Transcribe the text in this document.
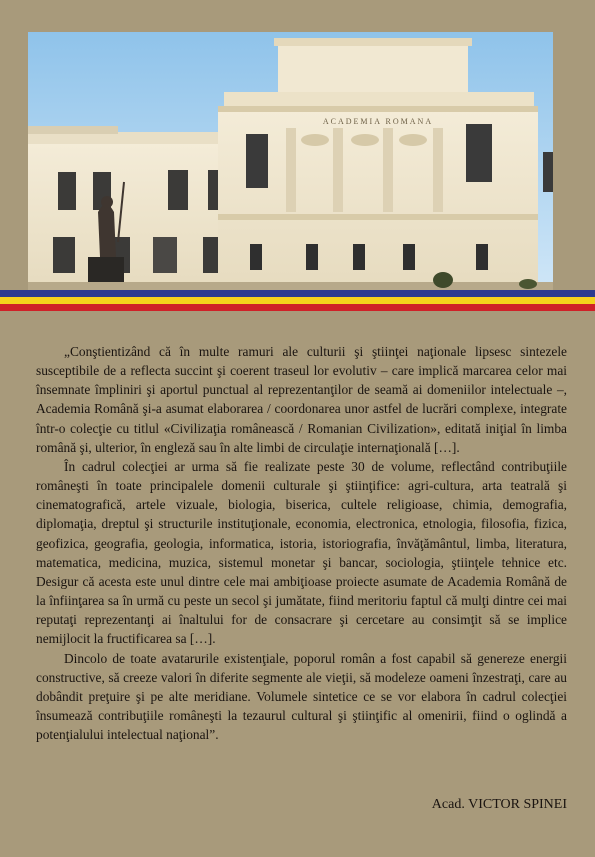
ACADEMIA ROMANA

„Conştientizând că în multe ramuri ale culturii şi ştiinţei naţionale lipsesc sintezele susceptibile de a reflecta succint şi coerent traseul lor evolutiv – care implică marcarea celor mai însemnate împliniri şi aportul punctual al reprezentanţilor de seamă ai domeniilor intelectuale –, Academia Română şi-a asumat elaborarea / coordonarea unor astfel de lucrări complexe, integrate într-o colecţie cu titlul «Civilizaţia românească / Romanian Civilization», editată iniţial în limba română şi, ulterior, în engleză sau în alte limbi de circulaţie internaţională […].

În cadrul colecţiei ar urma să fie realizate peste 30 de volume, reflectând contribuţiile româneşti în toate principalele domenii culturale şi ştiinţifice: agri-cultura, arta teatrală şi cinematografică, artele vizuale, biologia, biserica, cultele religioase, chimia, demografia, diplomaţia, dreptul şi structurile instituţionale, economia, electronica, etnologia, filosofia, fizica, geofizica, geografia, geologia, informatica, istoria, istoriografia, învăţământul, limba, literatura, matematica, medicina, muzica, sistemul monetar şi bancar, sociologia, ştiinţele tehnice etc. Desigur că acesta este unul dintre cele mai ambiţioase proiecte asumate de Academia Română de la înfiinţarea sa în urmă cu peste un secol şi jumătate, fiind meritoriu faptul că mulţi dintre cei mai reputaţi reprezentanţi ai înaltului for de consacrare şi cercetare au consimţit să se implice nemijlocit la fructificarea sa […].

Dincolo de toate avatarurile existenţiale, poporul român a fost capabil să genereze energii constructive, să creeze valori în diferite segmente ale vieţii, să modeleze oameni înzestraţi, care au dobândit preţuire şi pe alte meridiane. Volumele sintetice ce se vor elabora în cadrul colecţiei însumează contribuţiile româneşti la tezaurul cultural şi ştiinţific al omenirii, fiind o oglindă a potenţialului intelectual naţional”.

Acad. VICTOR SPINEI
